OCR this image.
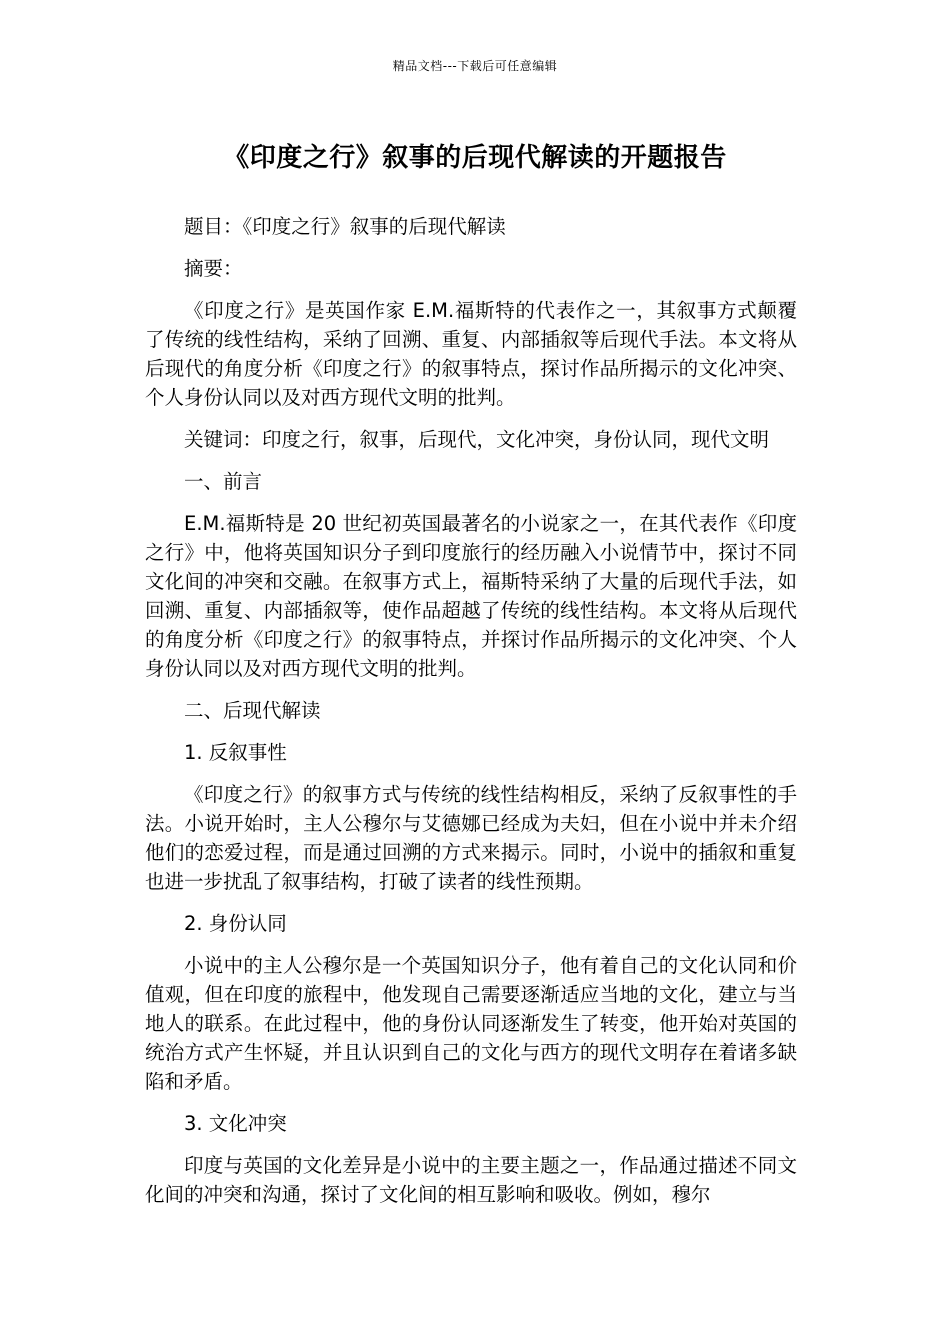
精品文档---下载后可任意编辑
《印度之行》叙事的后现代解读的开题报告

题目：《印度之行》叙事的后现代解读

摘要：

《印度之行》是英国作家 E.M.福斯特的代表作之一，其叙事方式颠覆了传统的线性结构，采纳了回溯、重复、内部插叙等后现代手法。本文将从后现代的角度分析《印度之行》的叙事特点，探讨作品所揭示的文化冲突、个人身份认同以及对西方现代文明的批判。

关键词：印度之行，叙事，后现代，文化冲突，身份认同，现代文明

一、前言

E.M.福斯特是 20 世纪初英国最著名的小说家之一，在其代表作《印度之行》中，他将英国知识分子到印度旅行的经历融入小说情节中，探讨不同文化间的冲突和交融。在叙事方式上，福斯特采纳了大量的后现代手法，如回溯、重复、内部插叙等，使作品超越了传统的线性结构。本文将从后现代的角度分析《印度之行》的叙事特点，并探讨作品所揭示的文化冲突、个人身份认同以及对西方现代文明的批判。

二、后现代解读

1. 反叙事性

《印度之行》的叙事方式与传统的线性结构相反，采纳了反叙事性的手法。小说开始时，主人公穆尔与艾德娜已经成为夫妇，但在小说中并未介绍他们的恋爱过程，而是通过回溯的方式来揭示。同时，小说中的插叙和重复也进一步扰乱了叙事结构，打破了读者的线性预期。

2. 身份认同

小说中的主人公穆尔是一个英国知识分子，他有着自己的文化认同和价值观，但在印度的旅程中，他发现自己需要逐渐适应当地的文化，建立与当地人的联系。在此过程中，他的身份认同逐渐发生了转变，他开始对英国的统治方式产生怀疑，并且认识到自己的文化与西方的现代文明存在着诸多缺陷和矛盾。

3. 文化冲突

印度与英国的文化差异是小说中的主要主题之一，作品通过描述不同文化间的冲突和沟通，探讨了文化间的相互影响和吸收。例如，穆尔
